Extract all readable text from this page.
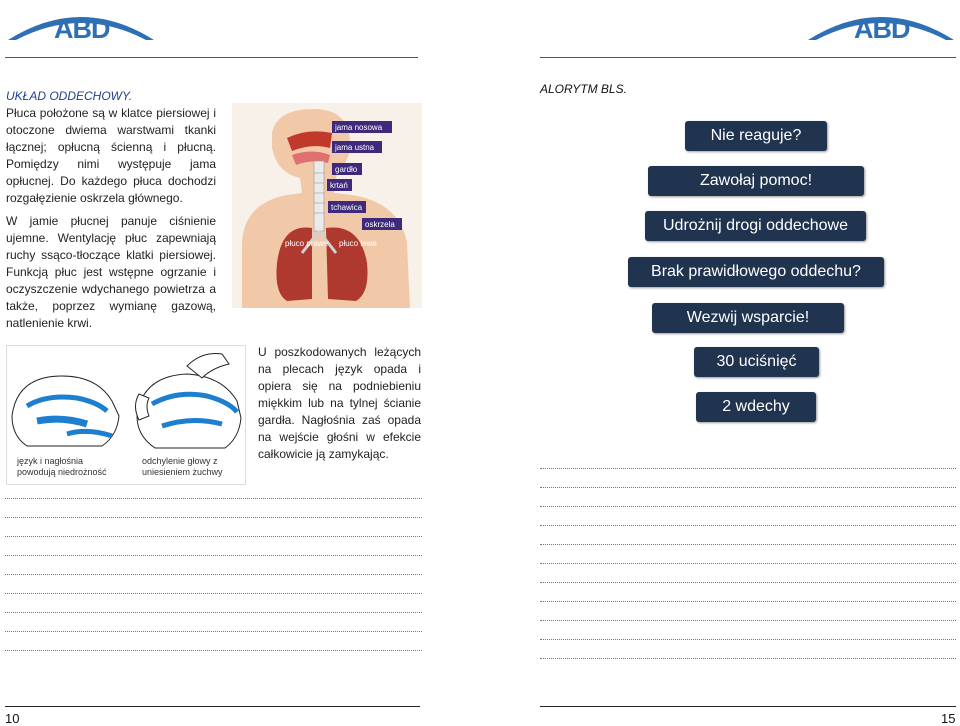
ABD
UKŁAD ODDECHOWY.

Płuca położone są w klatce piersiowej i otoczone dwiema warstwami tkanki łącznej; opłucną ścienną i płucną. Pomiędzy nimi występuje jama opłucnej. Do każdego płuca dochodzi rozgałęzienie oskrzela głównego.

W jamie płucnej panuje ciśnienie ujemne. Wentylację płuc zapewniają ruchy ssąco-tłoczące klatki piersiowej. Funkcją płuc jest wstępne ogrzanie i oczyszczenie wdychanego powietrza a także, poprzez wymianę gazową, natlenienie krwi.

jama nosowa
jama ustna
gardło
krtań
tchawica
oskrzela
płuco prawe płuco lewe
język i nagłośnia powodują niedrożność
odchylenie głowy z uniesieniem żuchwy

U poszkodowanych leżących na plecach język opada i opiera się na podniebieniu miękkim lub na tylnej ścianie gardła. Nagłośnia zaś opada na wejście głośni w efekcie całkowicie ją zamykając.

10
ABD
ALORYTM BLS.
Nie reaguje?
Zawołaj pomoc!
Udrożnij drogi oddechowe
Brak prawidłowego oddechu?
Wezwij wsparcie!
30 uciśnięć
2 wdechy
15
